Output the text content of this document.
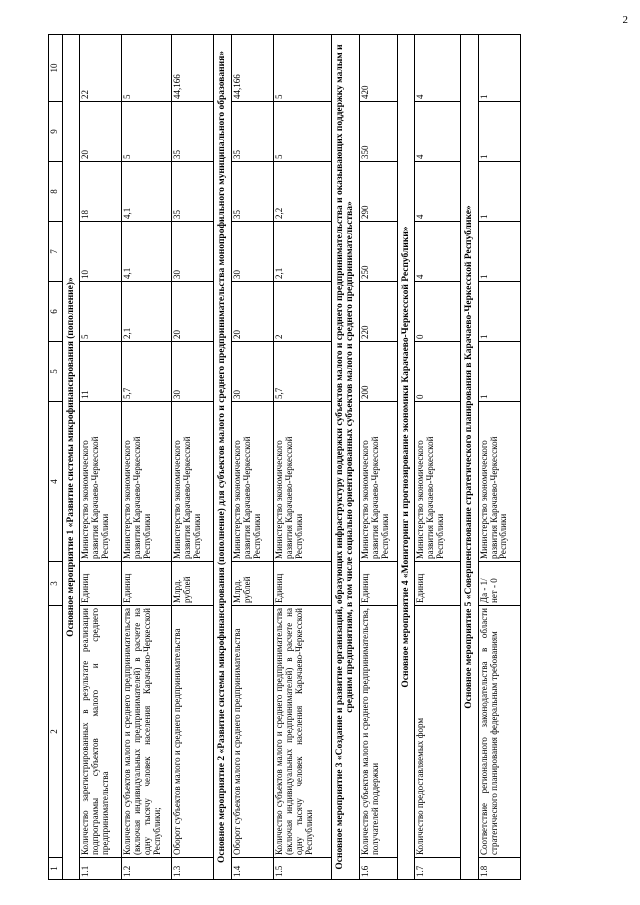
2
1	2	3	4	5	6	7	8	9	10
Основное мероприятие 1 «Развитие системы микрофинансирования (пополнение)»									
1.1	Количество зарегистрированных в результате реализации подпрограммы субъектов малого и среднего предпринимательства	Единиц	Министерство экономического развития Карачаево-Черкесской Республики	11	5	10	18	20	22
1.2	Количество субъектов малого и среднего предпринимательства (включая индивидуальных предпринимателей) в расчете на одну тысячу человек населения Карачаево-Черкесской Республики;	Единиц	Министерство экономического развития Карачаево-Черкесской Республики	5,7	2,1	4,1	4,1	5	5
1.3	Оборот субъектов малого и среднего предпринимательства	Млрд. рублей	Министерство экономического развития Карачаево-Черкесской Республики	30	20	30	35	35	44,166
Основное мероприятие 2 «Развитие системы микрофинансирования (пополнение) для субъектов малого и среднего предпринимательства монопрофильного муниципального образования»									
1.4	Оборот субъектов малого и среднего предпринимательства	Млрд. рублей	Министерство экономического развития Карачаево-Черкесской Республики	30	20	30	35	35	44,166
1.5	Количество субъектов малого и среднего предпринимательства (включая индивидуальных предпринимателей) в расчете на одну тысячу человек населения Карачаево-Черкесской Республики	Единиц	Министерство экономического развития Карачаево-Черкесской Республики	5,7	2	2,1	2,2	5	5
Основное мероприятие 3 «Создание и развитие организаций, образующих инфраструктуру поддержки субъектов малого и среднего предпринимательства и оказывающих поддержку малым и средним предприятиям, в том числе социально ориентированных субъектов малого и среднего предпринимательства»									
1.6	Количество субъектов малого и среднего предпринимательства, получателей поддержки	Единиц	Министерство экономического развития Карачаево-Черкесской Республики	200	220	250	290	350	420
Основное мероприятие 4 «Мониторинг и прогнозирование экономики Карачаево-Черкесской Республики»									
1.7	Количество предоставляемых форм	Единиц	Министерство экономического развития Карачаево-Черкесской Республики	0	0	4	4	4	4
Основное мероприятие 5 «Совершенствование стратегического планирования в Карачаево-Черкесской Республике»									
1.8	Соответствие регионального законодательства в области стратегического планирования федеральным требованиям	Да - 1/ нет - 0	Министерство экономического развития Карачаево-Черкесской Республики	1	1	1	1	1	1
